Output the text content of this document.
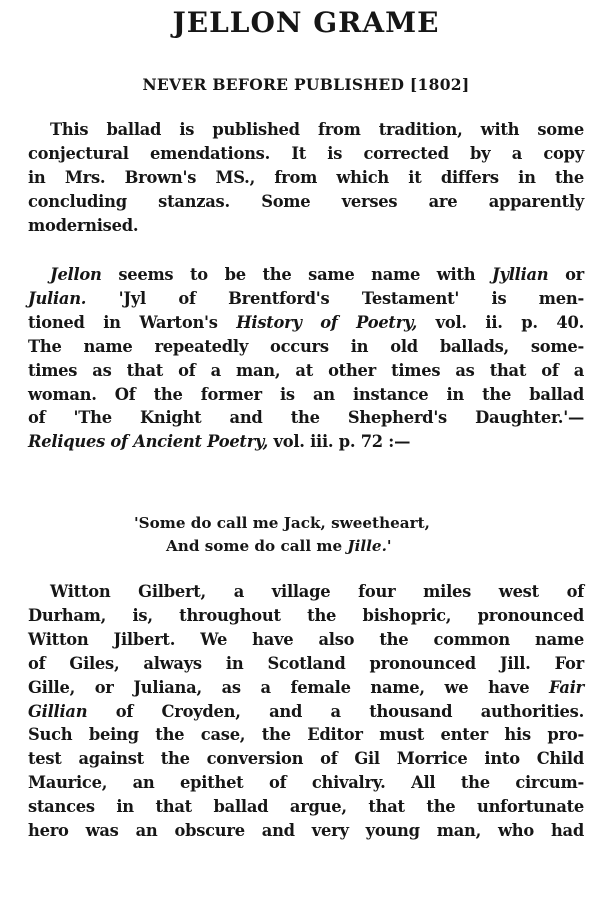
JELLON GRAME
NEVER BEFORE PUBLISHED [1802]

This ballad is published from tradition, with some
conjectural emendations. It is corrected by a copy
in Mrs. Brown's MS., from which it differs in the
concluding stanzas. Some verses are apparently
modernised.

Jellon seems to be the same name with Jyllian or
Julian. 'Jyl of Brentford's Testament' is men-
tioned in Warton's History of Poetry, vol. ii. p. 40.
The name repeatedly occurs in old ballads, some-
times as that of a man, at other times as that of a
woman. Of the former is an instance in the ballad
of 'The Knight and the Shepherd's Daughter.'—
Reliques of Ancient Poetry, vol. iii. p. 72 :—

'Some do call me Jack, sweetheart,
And some do call me Jille.'

Witton Gilbert, a village four miles west of
Durham, is, throughout the bishopric, pronounced
Witton Jilbert. We have also the common name
of Giles, always in Scotland pronounced Jill. For
Gille, or Juliana, as a female name, we have Fair
Gillian of Croyden, and a thousand authorities.
Such being the case, the Editor must enter his pro-
test against the conversion of Gil Morrice into Child
Maurice, an epithet of chivalry. All the circum-
stances in that ballad argue, that the unfortunate
hero was an obscure and very young man, who had
